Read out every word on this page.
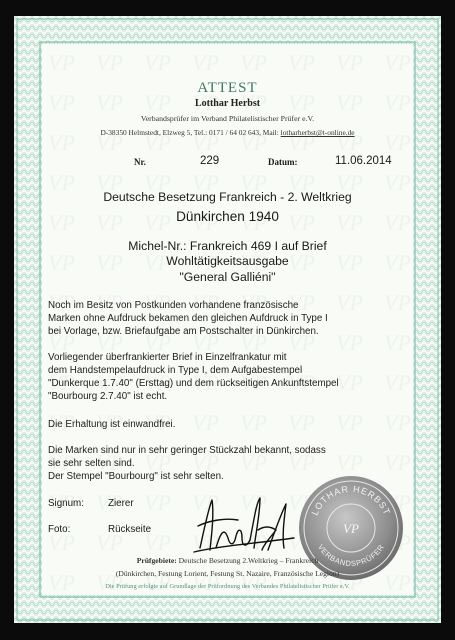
ATTEST
Lotthar Herbst
Verbandsprüfer im Verband Philatelistischer Prüfer e.V.
D-38350 Helmstedt, Elzweg 5, Tel.: 0171 / 64 02 643, Mail: lotharherbst@t-online.de
Nr.	229	Datum:	11.06.2014
Deutsche Besetzung Frankreich - 2. Weltkrieg
Dünkirchen 1940
Michel-Nr.: Frankreich 469 I auf Brief
Wohltätigkeitsausgabe
"General Galliéni"
Noch im Besitz von Postkunden vorhandene französische
Marken ohne Aufdruck bekamen den gleichen Aufdruck in Type I
bei Vorlage, bzw. Briefaufgabe am Postschalter in Dünkirchen.
Vorliegender überfrankierter Brief in Einzelfrankatur mit
dem Handstempelaufdruck in Type I, dem Aufgabestempel
"Dunkerque 1.7.40" (Ersttag) und dem rückseitigen Ankunftstempel
"Bourbourg 2.7.40" ist echt.
Die Erhaltung ist einwandfrei.
Die Marken sind nur in sehr geringer Stückzahl bekannt, sodass
sie sehr selten sind.
Der Stempel "Bourbourg" ist sehr selten.
Signum: Zierer
Foto:	Rückseite
LOTHAR HERBST
VERBANDSPRÜFER
VP
Prüfgebiete: Deutsche Besetzung 2.Weltkrieg – Frankreich
(Dünkirchen, Festung Lorient, Festung St. Nazaire, Französische Legion)
Die Prüfung erfolgte auf Grundlage der Prüfordnung des Verbandes Philatelistischer Prüfer e.V.
